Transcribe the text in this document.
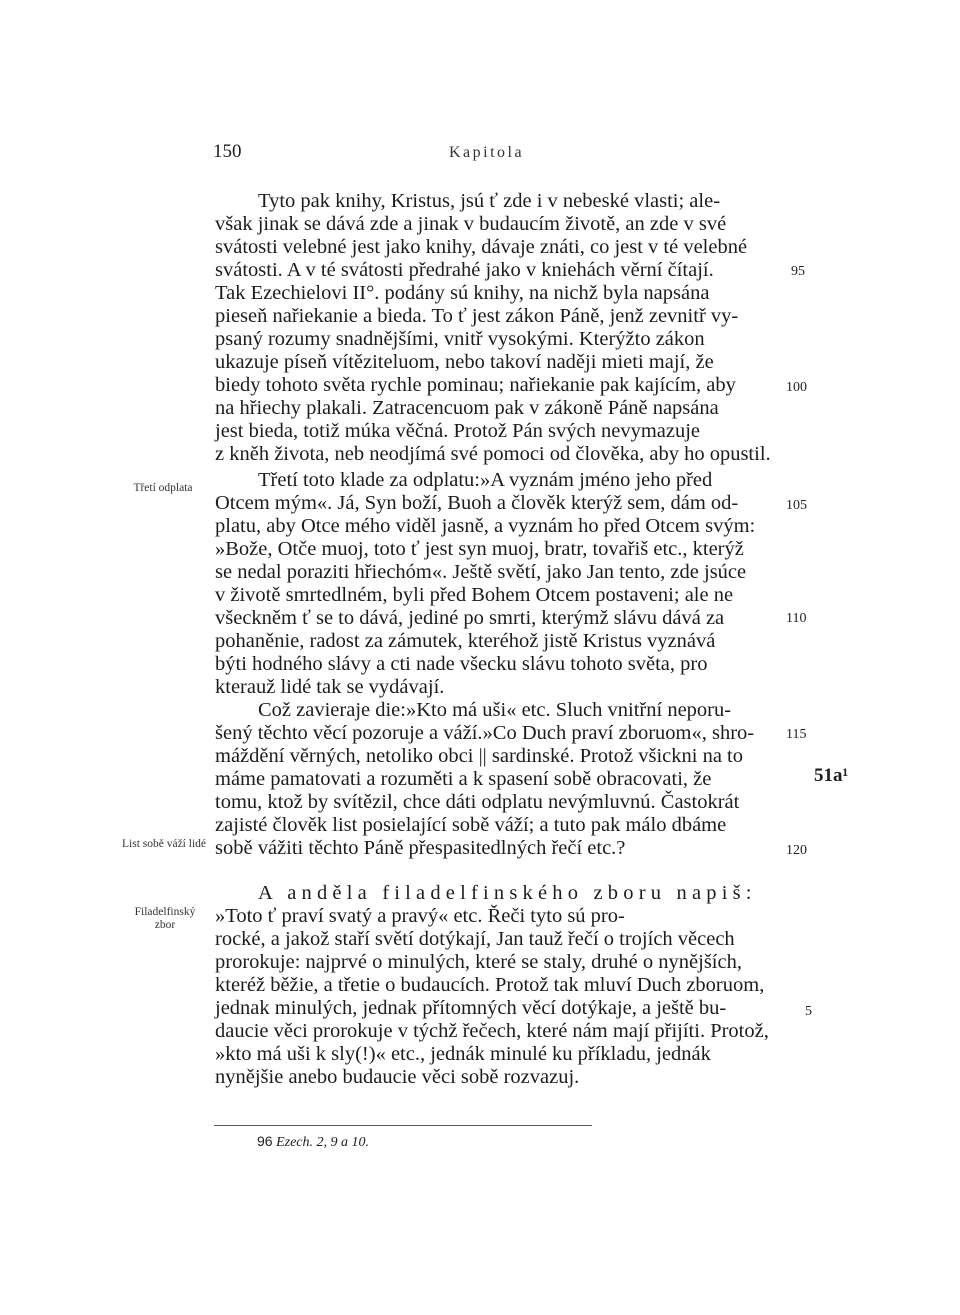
150	Kapitola
Tyto pak knihy, Kristus, jsú ť zde i v nebeské vlasti; ale-
však jinak se dává zde a jinak v budaucím životě, an zde v své
svátosti velebné jest jako knihy, dávaje znáti, co jest v té velebné
svátosti. A v té svátosti předrahé jako v kniehách věrní čítají.
Tak Ezechielovi II°. podány sú knihy, na nichž byla napsána
pieseň nařiekanie a bieda. To ť jest zákon Páně, jenž zevnitř vy-
psaný rozumy snadnějšími, vnitř vysokými. Kterýžto zákon
ukazuje píseň vítěziteluom, nebo takoví naději mieti mají, že
biedy tohoto světa rychle pominau; nařiekanie pak kajícím, aby
na hřiechy plakali. Zatracencuom pak v zákoně Páně napsána
jest bieda, totiž múka věčná. Protož Pán svých nevymazuje
z kněh života, neb neodjímá své pomoci od člověka, aby ho opustil.
Třetí toto klade za odplatu:»A vyznám jméno jeho před
Otcem mým«. Já, Syn boží, Buoh a člověk kterýž sem, dám od-
platu, aby Otce mého viděl jasně, a vyznám ho před Otcem svým:
»Bože, Otče muoj, toto ť jest syn muoj, bratr, tovařiš etc., kterýž
se nedal poraziti hřiechóm«. Ještě světí, jako Jan tento, zde jsúce
v životě smrtedlném, byli před Bohem Otcem postaveni; ale ne
všeckněm ť se to dává, jediné po smrti, kterýmž slávu dává za
pohaněnie, radost za zámutek, kteréhož jistě Kristus vyznává
býti hodného slávy a cti nade všecku slávu tohoto světa, pro
kterauž lidé tak se vydávají.
Což zavieraje die:»Kto má uši« etc. Sluch vnitřní neporu-
šený těchto věcí pozoruje a váží.»Co Duch praví zboruom«, shro-
máždění věrných, netoliko obci || sardinské. Protož všickni na to
máme pamatovati a rozuměti a k spasení sobě obracovati, že
tomu, ktož by svítězil, chce dáti odplatu nevýmluvnú. Častokrát
zajisté člověk list posielající sobě váží; a tuto pak málo dbáme
sobě vážiti těchto Páně přespasitedlných řečí etc.?
A anděla filadelfinského zboru napiš:
»Toto ť praví svatý a pravý« etc. Řeči tyto sú pro-
rocké, a jakož staří světí dotýkají, Jan tauž řečí o trojích věcech
prorokuje: najprvé o minulých, které se staly, druhé o nynějších,
kteréž běžie, a třetie o budaucích. Protož tak mluví Duch zboruom,
jednak minulých, jednak přítomných věcí dotýkaje, a ještě bu-
daucie věci prorokuje v týchž řečech, které nám mají přijíti. Protož,
»kto má uši k sly(!)« etc., jednák minulé ku příkladu, jednák
nynějšie anebo budaucie věci sobě rozvazuj.
95
100
105
110
115
120
5
51a¹
Třetí odplata
List sobě váží lidé
Filadelfinský zbor
96 Ezech. 2, 9 a 10.
